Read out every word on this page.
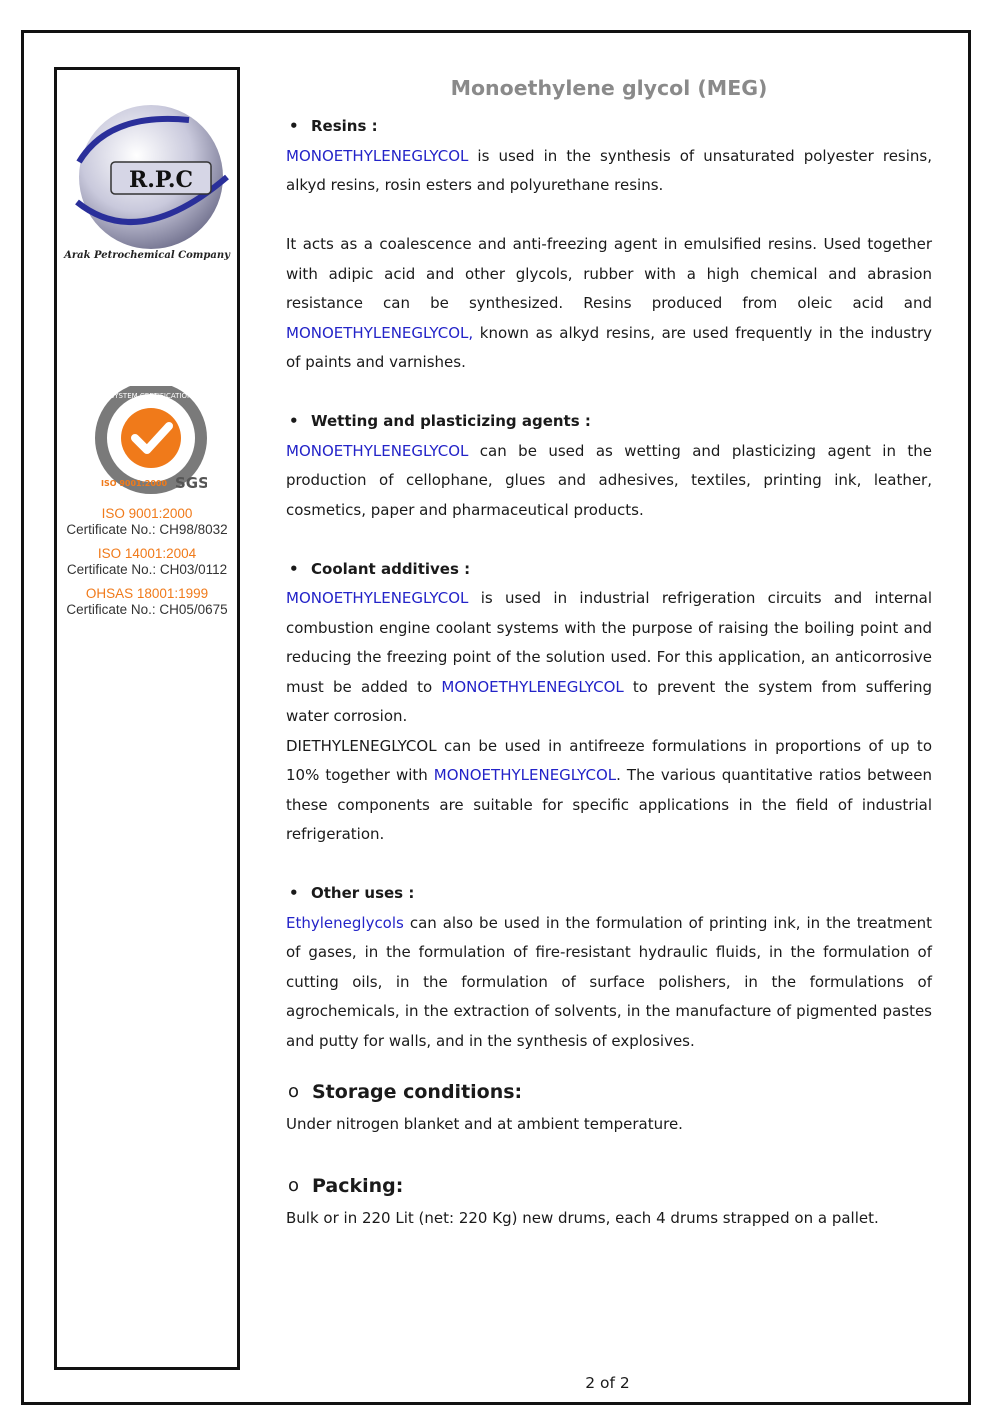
R.P.C
Arak Petrochemical Company
SYSTEM CERTIFICATION
ISO 9001:2000 SGS
ISO 9001:2000
Certificate No.: CH98/8032
ISO 14001:2004
Certificate No.: CH03/0112
OHSAS 18001:1999
Certificate No.: CH05/0675
Monoethylene glycol (MEG)
• Resins :

MONOETHYLENEGLYCOL is used in the synthesis of unsaturated polyester resins, alkyd resins, rosin esters and polyurethane resins.

It acts as a coalescence and anti-freezing agent in emulsified resins. Used together with adipic acid and other glycols, rubber with a high chemical and abrasion resistance can be synthesized. Resins produced from oleic acid and MONOETHYLENEGLYCOL, known as alkyd resins, are used frequently in the industry of paints and varnishes.

• Wetting and plasticizing agents :

MONOETHYLENEGLYCOL can be used as wetting and plasticizing agent in the production of cellophane, glues and adhesives, textiles, printing ink, leather, cosmetics, paper and pharmaceutical products.

• Coolant additives :

MONOETHYLENEGLYCOL is used in industrial refrigeration circuits and internal combustion engine coolant systems with the purpose of raising the boiling point and reducing the freezing point of the solution used. For this application, an anticorrosive must be added to MONOETHYLENEGLYCOL to prevent the system from suffering water corrosion.

DIETHYLENEGLYCOL can be used in antifreeze formulations in proportions of up to 10% together with MONOETHYLENEGLYCOL. The various quantitative ratios between these components are suitable for specific applications in the field of industrial refrigeration.

• Other uses :

Ethyleneglycols can also be used in the formulation of printing ink, in the treatment of gases, in the formulation of fire-resistant hydraulic fluids, in the formulation of cutting oils, in the formulation of surface polishers, in the formulations of agrochemicals, in the extraction of solvents, in the manufacture of pigmented pastes and putty for walls, and in the synthesis of explosives.

o Storage conditions:

Under nitrogen blanket and at ambient temperature.

o Packing:

Bulk or in 220 Lit (net: 220 Kg) new drums, each 4 drums strapped on a pallet.

2 of 2
